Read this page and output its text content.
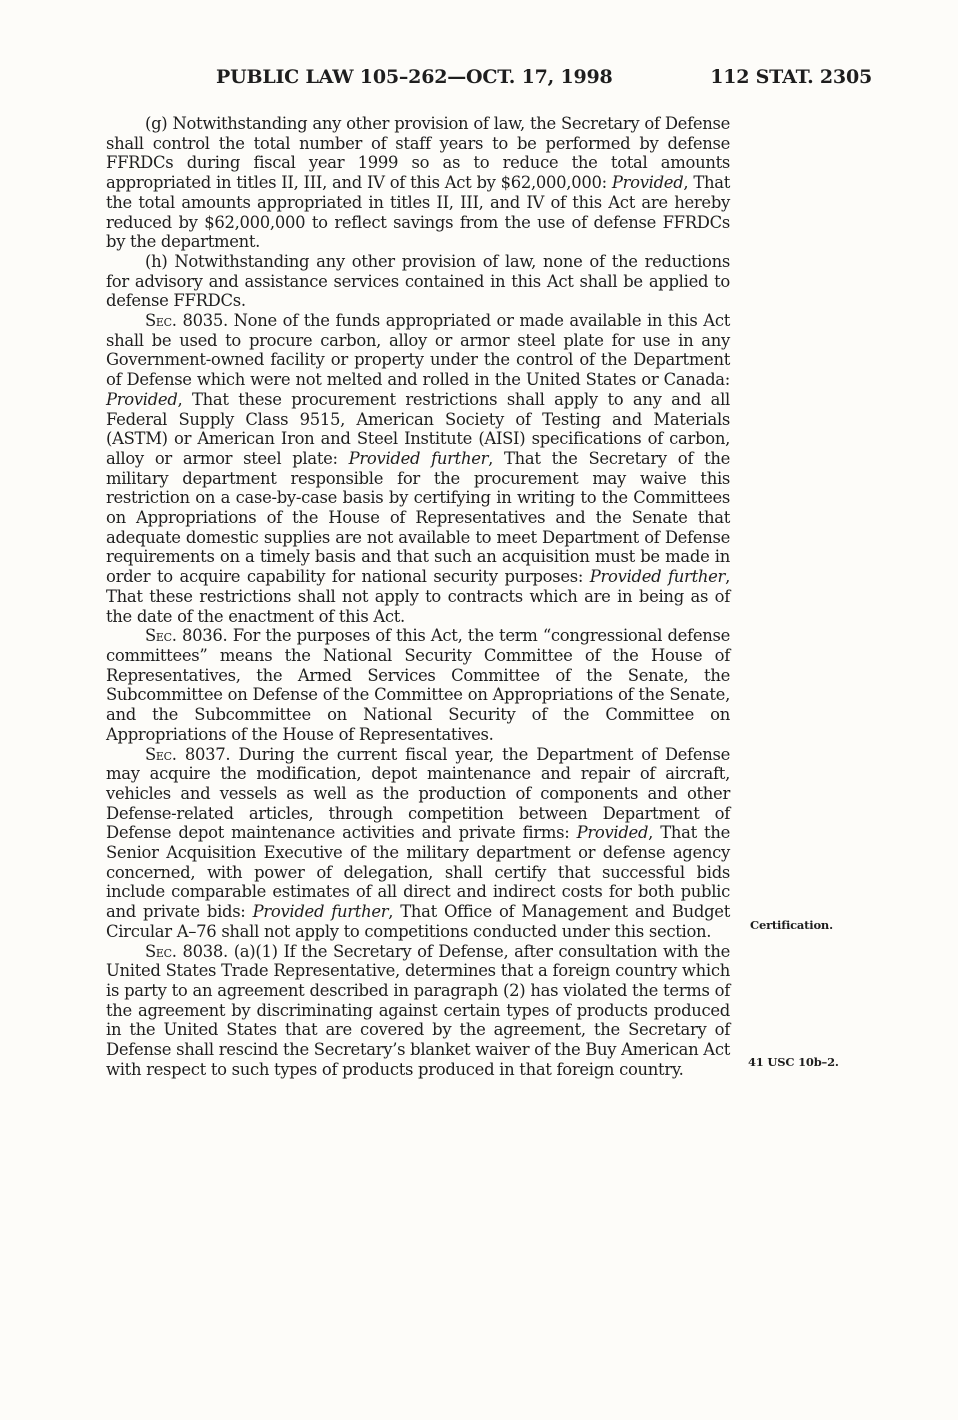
PUBLIC LAW 105–262—OCT. 17, 1998	112 STAT. 2305

(g) Notwithstanding any other provision of law, the Secretary of Defense shall control the total number of staff years to be performed by defense FFRDCs during fiscal year 1999 so as to reduce the total amounts appropriated in titles II, III, and IV of this Act by $62,000,000: Provided, That the total amounts appropriated in titles II, III, and IV of this Act are hereby reduced by $62,000,000 to reflect savings from the use of defense FFRDCs by the department.

(h) Notwithstanding any other provision of law, none of the reductions for advisory and assistance services contained in this Act shall be applied to defense FFRDCs.

Sec. 8035. None of the funds appropriated or made available in this Act shall be used to procure carbon, alloy or armor steel plate for use in any Government-owned facility or property under the control of the Department of Defense which were not melted and rolled in the United States or Canada: Provided, That these procurement restrictions shall apply to any and all Federal Supply Class 9515, American Society of Testing and Materials (ASTM) or American Iron and Steel Institute (AISI) specifications of carbon, alloy or armor steel plate: Provided further, That the Secretary of the military department responsible for the procurement may waive this restriction on a case-by-case basis by certifying in writing to the Committees on Appropriations of the House of Representatives and the Senate that adequate domestic supplies are not available to meet Department of Defense requirements on a timely basis and that such an acquisition must be made in order to acquire capability for national security purposes: Provided further, That these restrictions shall not apply to contracts which are in being as of the date of the enactment of this Act.

Sec. 8036. For the purposes of this Act, the term “congressional defense committees” means the National Security Committee of the House of Representatives, the Armed Services Committee of the Senate, the Subcommittee on Defense of the Committee on Appropriations of the Senate, and the Subcommittee on National Security of the Committee on Appropriations of the House of Representatives.

Sec. 8037. During the current fiscal year, the Department of Defense may acquire the modification, depot maintenance and repair of aircraft, vehicles and vessels as well as the production of components and other Defense-related articles, through competition between Department of Defense depot maintenance activities and private firms: Provided, That the Senior Acquisition Executive of the military department or defense agency concerned, with power of delegation, shall certify that successful bids include comparable estimates of all direct and indirect costs for both public and private bids: Provided further, That Office of Management and Budget Circular A–76 shall not apply to competitions conducted under this section.

Sec. 8038. (a)(1) If the Secretary of Defense, after consultation with the United States Trade Representative, determines that a foreign country which is party to an agreement described in paragraph (2) has violated the terms of the agreement by discriminating against certain types of products produced in the United States that are covered by the agreement, the Secretary of Defense shall rescind the Secretary’s blanket waiver of the Buy American Act with respect to such types of products produced in that foreign country.

Certification.
41 USC 10b–2.
